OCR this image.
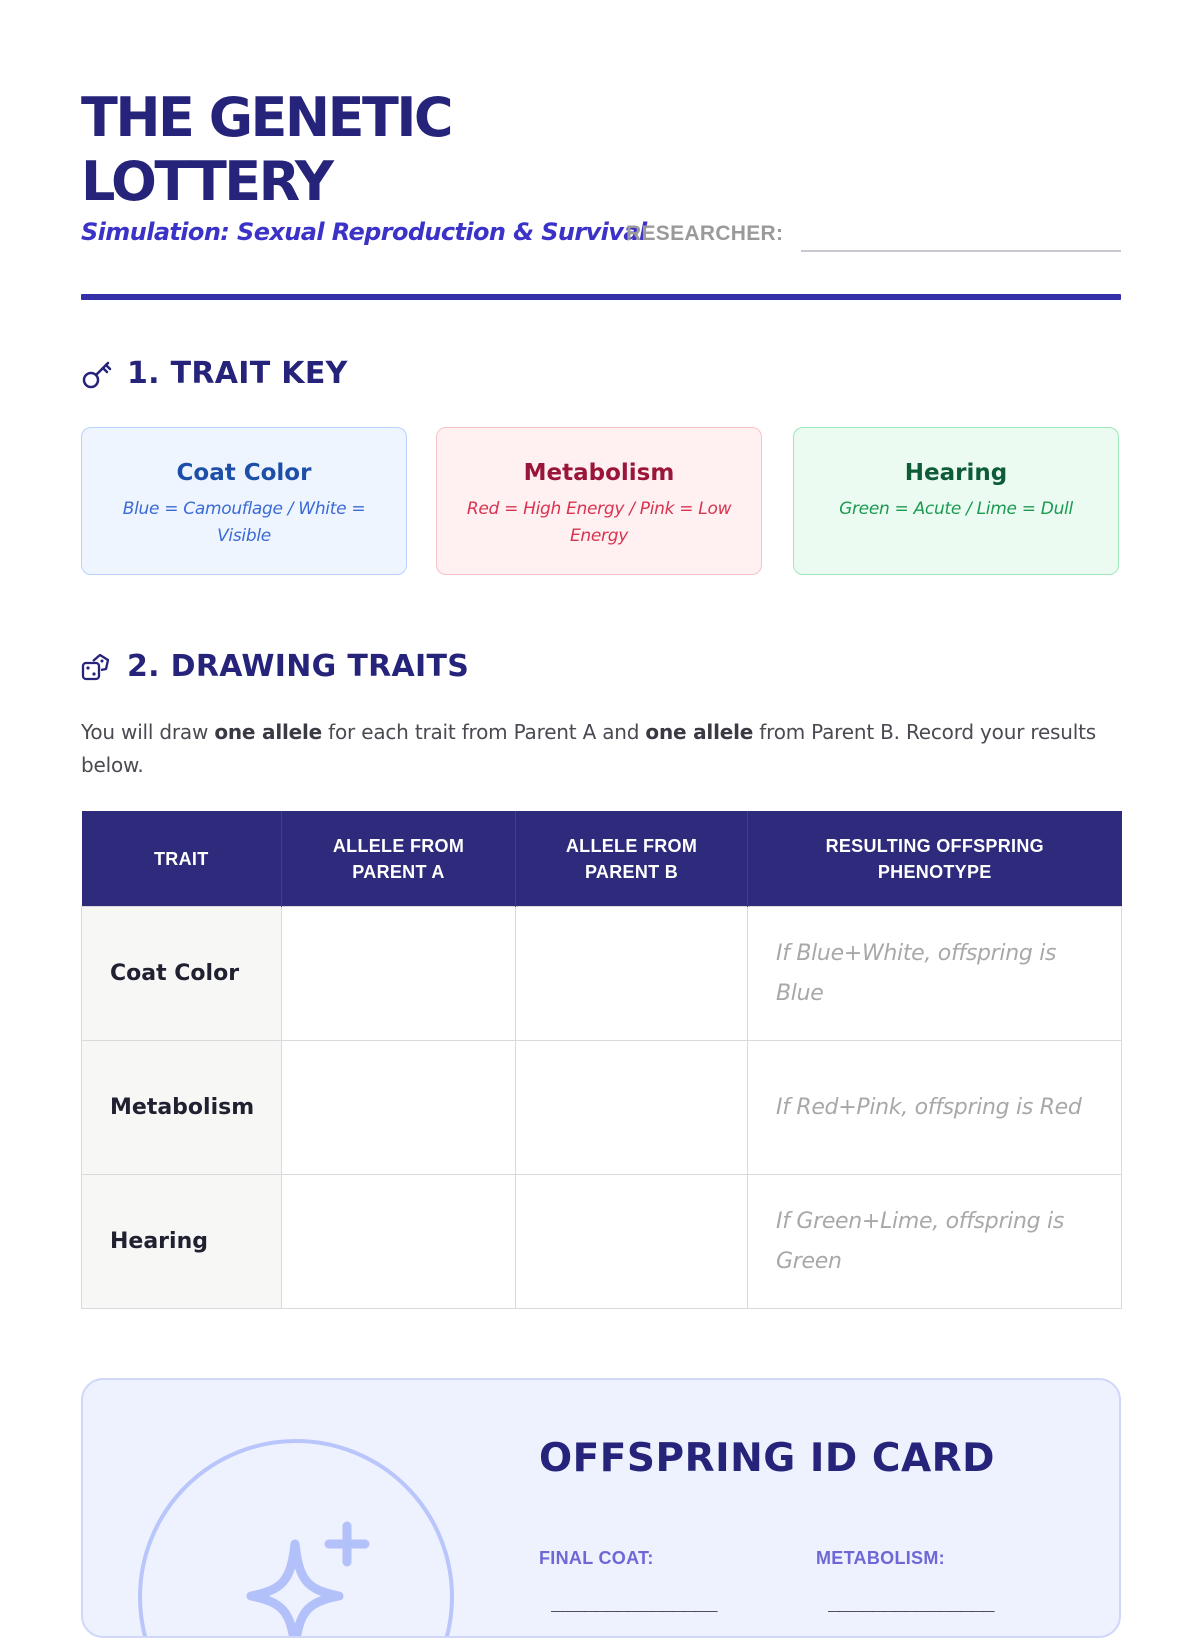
THE GENETIC LOTTERY
Simulation: Sexual Reproduction & Survival
RESEARCHER:
1. TRAIT KEY
Coat Color
Blue = Camouflage / White = Visible
Metabolism
Red = High Energy / Pink = Low Energy
Hearing
Green = Acute / Lime = Dull
2. DRAWING TRAITS

You will draw one allele for each trait from Parent A and one allele from Parent B. Record your results below.

TRAIT	ALLELE FROM PARENT A	ALLELE FROM PARENT B	RESULTING OFFSPRING PHENOTYPE
Coat Color			If Blue+White, offspring is Blue
Metabolism			If Red+Pink, offspring is Red
Hearing			If Green+Lime, offspring is Green
OFFSPRING ID CARD
FINAL COAT:
_______________
METABOLISM:
_______________
